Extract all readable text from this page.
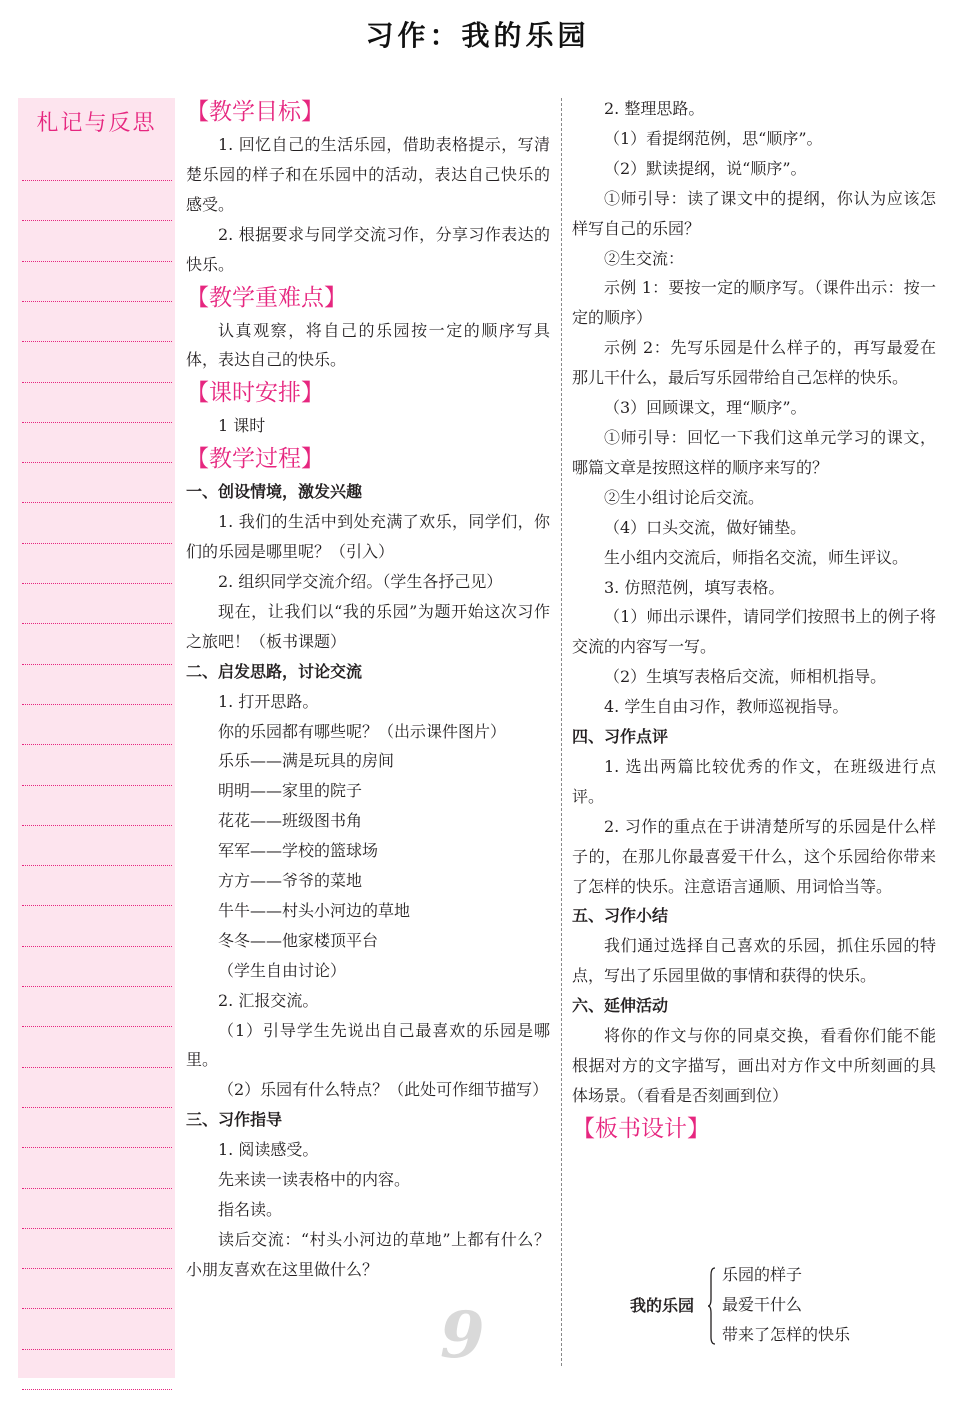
习作：我的乐园
札记与反思	【教学目标】

1. 回忆自己的生活乐园，借助表格提示，写清楚乐园的样子和在乐园中的活动，表达自己快乐的感受。

2. 根据要求与同学交流习作，分享习作表达的快乐。

【教学重难点】

认真观察，将自己的乐园按一定的顺序写具体，表达自己的快乐。

【课时安排】

1 课时

【教学过程】

一、创设情境，激发兴趣

1. 我们的生活中到处充满了欢乐，同学们，你们的乐园是哪里呢？（引入）

2. 组织同学交流介绍。（学生各抒己见）

现在，让我们以“我的乐园”为题开始这次习作之旅吧！（板书课题）

二、启发思路，讨论交流

1. 打开思路。

你的乐园都有哪些呢？（出示课件图片）

乐乐——满是玩具的房间

明明——家里的院子

花花——班级图书角

军军——学校的篮球场

方方——爷爷的菜地

牛牛——村头小河边的草地

冬冬——他家楼顶平台

（学生自由讨论）

2. 汇报交流。

（1）引导学生先说出自己最喜欢的乐园是哪里。

（2）乐园有什么特点？（此处可作细节描写）

三、习作指导

1. 阅读感受。

先来读一读表格中的内容。

指名读。

读后交流：“村头小河边的草地”上都有什么？小朋友喜欢在这里做什么？

2. 整理思路。

（1）看提纲范例，思“顺序”。

（2）默读提纲，说“顺序”。

①师引导：读了课文中的提纲，你认为应该怎样写自己的乐园？

②生交流：

示例 1：要按一定的顺序写。（课件出示：按一定的顺序）

示例 2：先写乐园是什么样子的，再写最爱在那儿干什么，最后写乐园带给自己怎样的快乐。

（3）回顾课文，理“顺序”。

①师引导：回忆一下我们这单元学习的课文，哪篇文章是按照这样的顺序来写的？

②生小组讨论后交流。

（4）口头交流，做好铺垫。

生小组内交流后，师指名交流，师生评议。

3. 仿照范例，填写表格。

（1）师出示课件，请同学们按照书上的例子将交流的内容写一写。

（2）生填写表格后交流，师相机指导。

4. 学生自由习作，教师巡视指导。

四、习作点评

1. 选出两篇比较优秀的作文，在班级进行点评。

2. 习作的重点在于讲清楚所写的乐园是什么样子的，在那儿你最喜爱干什么，这个乐园给你带来了怎样的快乐。注意语言通顺、用词恰当等。

五、习作小结

我们通过选择自己喜欢的乐园，抓住乐园的特点，写出了乐园里做的事情和获得的快乐。

六、延伸活动

将你的作文与你的同桌交换，看看你们能不能根据对方的文字描写，画出对方作文中所刻画的具体场景。（看看是否刻画到位）

【板书设计】

我的乐园
乐园的样子
最爱干什么
带来了怎样的快乐
9
